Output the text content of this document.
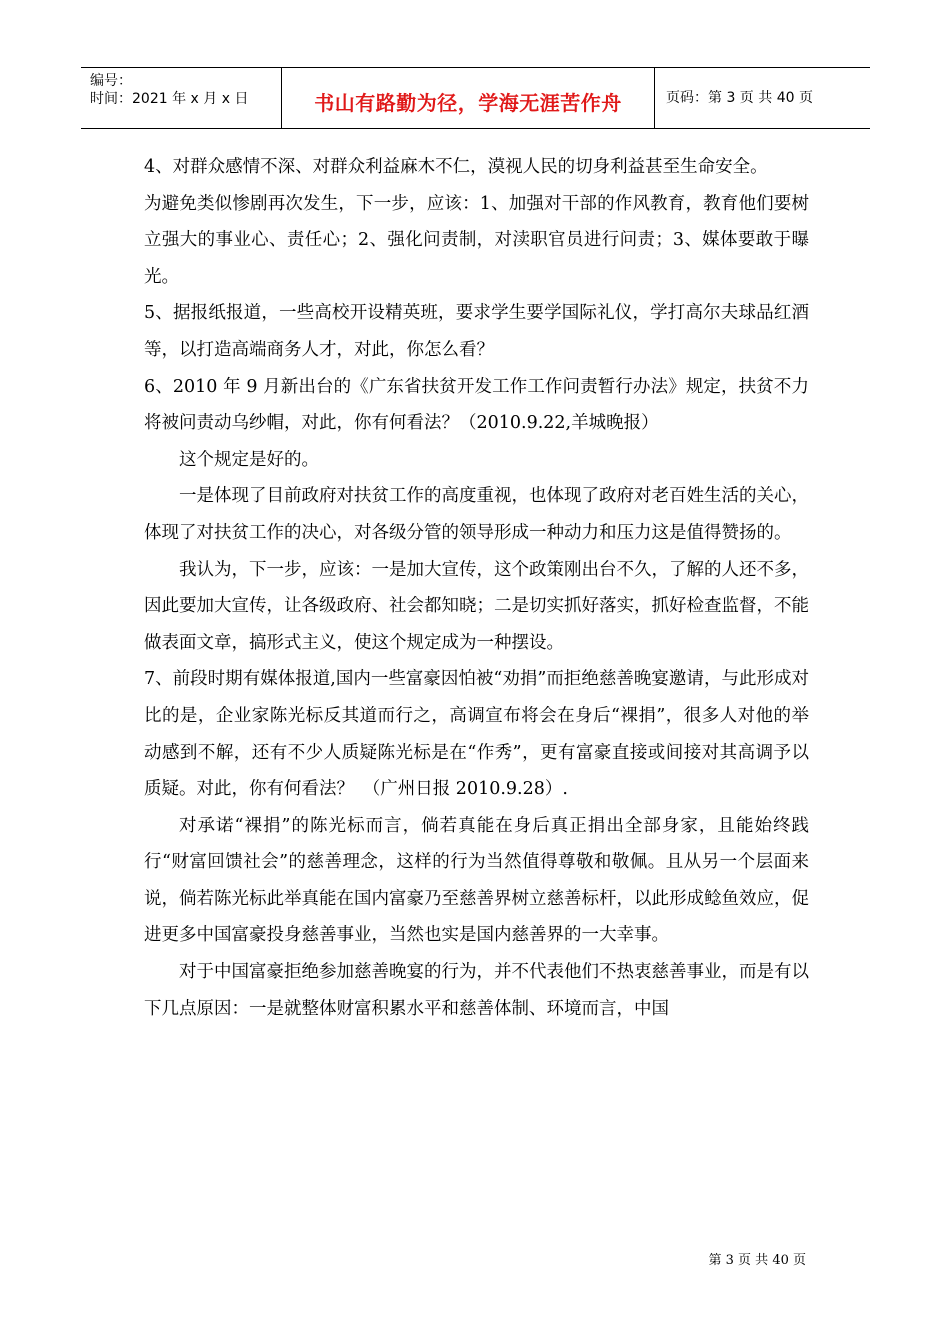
编号：
时间：2021 年 x 月 x 日	书山有路勤为径，学海无涯苦作舟	页码：第 3 页 共 40 页

4、对群众感情不深、对群众利益麻木不仁，漠视人民的切身利益甚至生命安全。

为避免类似惨剧再次发生，下一步，应该：1、加强对干部的作风教育，教育他们要树立强大的事业心、责任心；2、强化问责制，对渎职官员进行问责；3、媒体要敢于曝光。

5、据报纸报道，一些高校开设精英班，要求学生要学国际礼仪，学打高尔夫球品红酒等，以打造高端商务人才，对此，你怎么看？

6、2010 年 9 月新出台的《广东省扶贫开发工作工作问责暂行办法》规定，扶贫不力将被问责动乌纱帽，对此，你有何看法？（2010.9.22,羊城晚报）

这个规定是好的。

一是体现了目前政府对扶贫工作的高度重视，也体现了政府对老百姓生活的关心，体现了对扶贫工作的决心，对各级分管的领导形成一种动力和压力这是值得赞扬的。

我认为，下一步，应该：一是加大宣传，这个政策刚出台不久，了解的人还不多，因此要加大宣传，让各级政府、社会都知晓；二是切实抓好落实，抓好检查监督，不能做表面文章，搞形式主义，使这个规定成为一种摆设。

7、前段时期有媒体报道,国内一些富豪因怕被“劝捐”而拒绝慈善晚宴邀请，与此形成对比的是，企业家陈光标反其道而行之，高调宣布将会在身后“裸捐”，很多人对他的举动感到不解，还有不少人质疑陈光标是在“作秀”，更有富豪直接或间接对其高调予以质疑。对此，你有何看法？　（广州日报 2010.9.28）.

对承诺“裸捐”的陈光标而言，倘若真能在身后真正捐出全部身家，且能始终践行“财富回馈社会”的慈善理念，这样的行为当然值得尊敬和敬佩。且从另一个层面来说，倘若陈光标此举真能在国内富豪乃至慈善界树立慈善标杆，以此形成鲶鱼效应，促进更多中国富豪投身慈善事业，当然也实是国内慈善界的一大幸事。

对于中国富豪拒绝参加慈善晚宴的行为，并不代表他们不热衷慈善事业，而是有以下几点原因：一是就整体财富积累水平和慈善体制、环境而言，中国

第 3 页 共 40 页
